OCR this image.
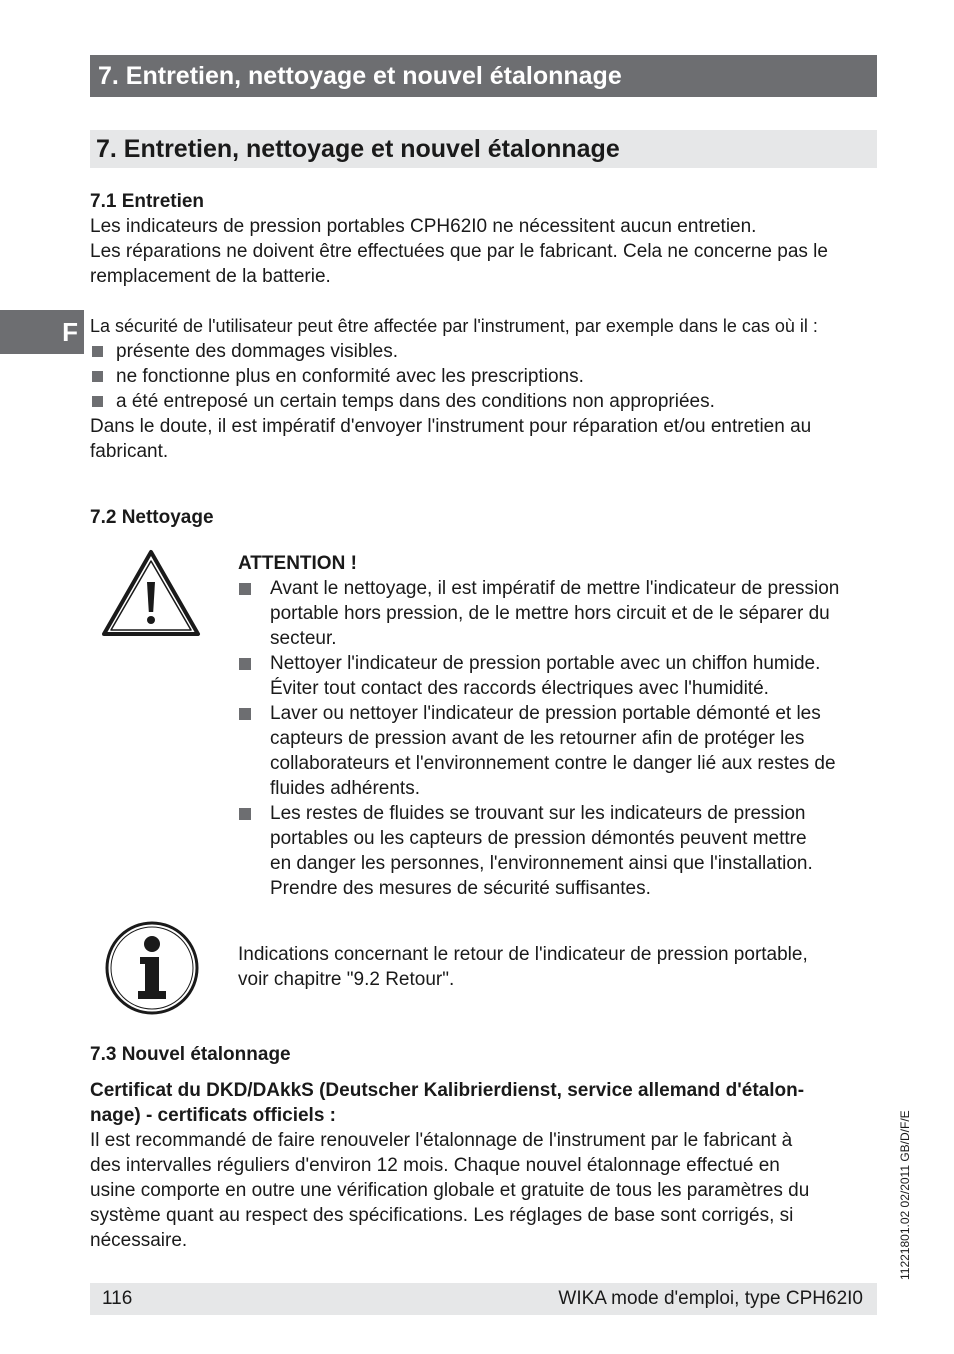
7. Entretien, nettoyage et nouvel étalonnage
7. Entretien, nettoyage et nouvel étalonnage
F
7.1 Entretien
Les indicateurs de pression portables CPH62I0 ne nécessitent aucun entretien.
Les réparations ne doivent être effectuées que par le fabricant. Cela ne concerne pas le
remplacement de la batterie.
La sécurité de l'utilisateur peut être affectée par l'instrument, par exemple dans le cas où il :
présente des dommages visibles.
ne fonctionne plus en conformité avec les prescriptions.
a été entreposé un certain temps dans des conditions non appropriées.
Dans le doute, il est impératif d'envoyer l'instrument pour réparation et/ou entretien au
fabricant.
7.2 Nettoyage
ATTENTION !
Avant le nettoyage, il est impératif de mettre l'indicateur de pression
portable hors pression, de le mettre hors circuit et de le séparer du
secteur.
Nettoyer l'indicateur de pression portable avec un chiffon humide.
Éviter tout contact des raccords électriques avec l'humidité.
Laver ou nettoyer l'indicateur de pression portable démonté et les
capteurs de pression avant de les retourner afin de protéger les
collaborateurs et l'environnement contre le danger lié aux restes de
fluides adhérents.
Les restes de fluides se trouvant sur les indicateurs de pression
portables ou les capteurs de pression démontés peuvent mettre
en danger les personnes, l'environnement ainsi que l'installation.
Prendre des mesures de sécurité suffisantes.
Indications concernant le retour de l'indicateur de pression portable,
voir chapitre "9.2 Retour".
7.3 Nouvel étalonnage
Certificat du DKD/DAkkS (Deutscher Kalibrierdienst, service allemand d'étalon-
nage) - certificats officiels :
Il est recommandé de faire renouveler l'étalonnage de l'instrument par le fabricant à
des intervalles réguliers d'environ 12 mois. Chaque nouvel étalonnage effectué en
usine comporte en outre une vérification globale et gratuite de tous les paramètres du
système quant au respect des spécifications. Les réglages de base sont corrigés, si
nécessaire.	11221801.02 02/2011 GB/D/F/E
116	WIKA mode d'emploi, type CPH62I0
